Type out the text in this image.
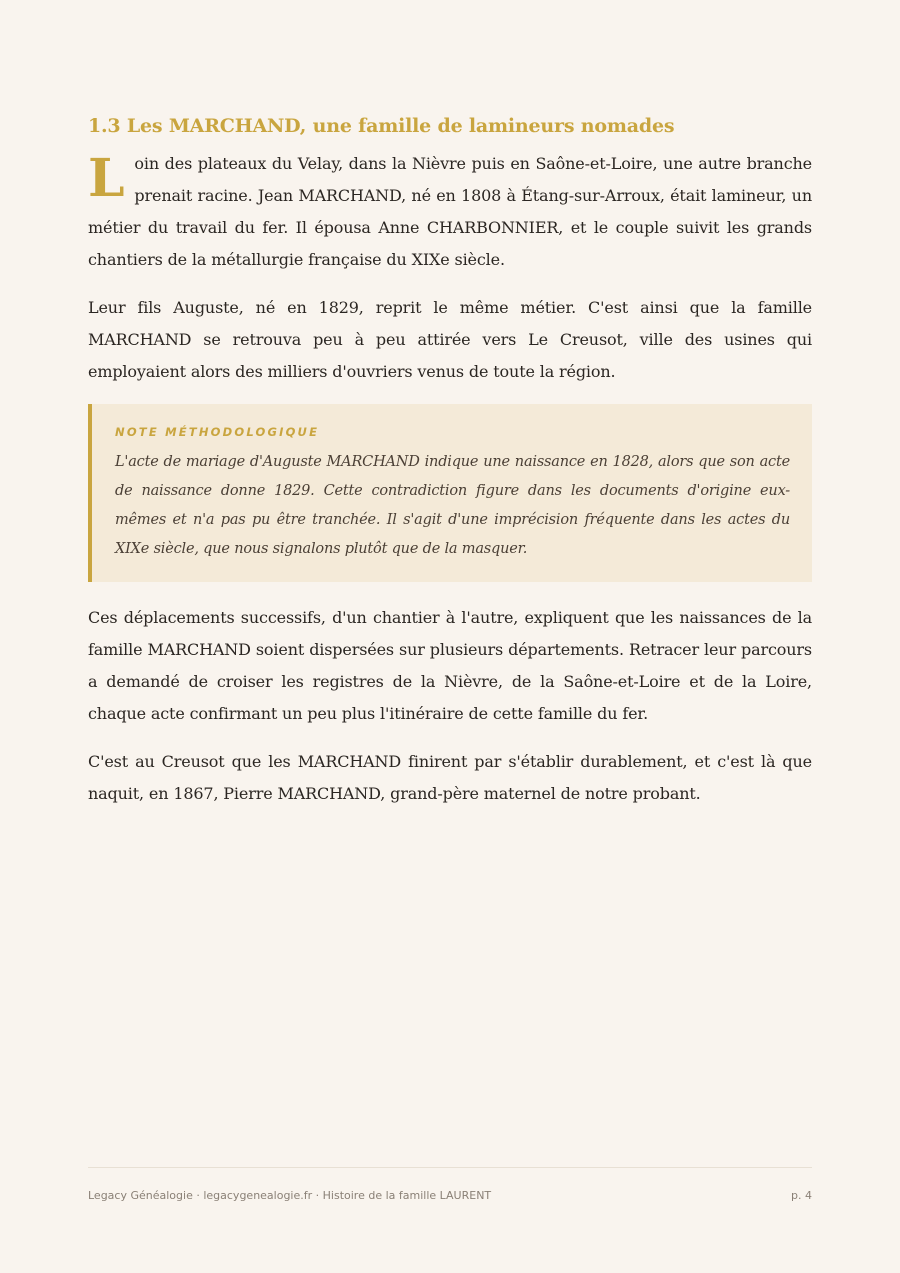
1.3 Les MARCHAND, une famille de lamineurs nomades

Loin des plateaux du Velay, dans la Nièvre puis en Saône-et-Loire, une autre branche prenait racine. Jean MARCHAND, né en 1808 à Étang-sur-Arroux, était lamineur, un métier du travail du fer. Il épousa Anne CHARBONNIER, et le couple suivit les grands chantiers de la métallurgie française du XIXe siècle.

Leur fils Auguste, né en 1829, reprit le même métier. C'est ainsi que la famille MARCHAND se retrouva peu à peu attirée vers Le Creusot, ville des usines qui employaient alors des milliers d'ouvriers venus de toute la région.

NOTE MÉTHODOLOGIQUE

L'acte de mariage d'Auguste MARCHAND indique une naissance en 1828, alors que son acte de naissance donne 1829. Cette contradiction figure dans les documents d'origine eux-mêmes et n'a pas pu être tranchée. Il s'agit d'une imprécision fréquente dans les actes du XIXe siècle, que nous signalons plutôt que de la masquer.

Ces déplacements successifs, d'un chantier à l'autre, expliquent que les naissances de la famille MARCHAND soient dispersées sur plusieurs départements. Retracer leur parcours a demandé de croiser les registres de la Nièvre, de la Saône-et-Loire et de la Loire, chaque acte confirmant un peu plus l'itinéraire de cette famille du fer.

C'est au Creusot que les MARCHAND finirent par s'établir durablement, et c'est là que naquit, en 1867, Pierre MARCHAND, grand-père maternel de notre probant.

Legacy Généalogie · legacygenealogie.fr · Histoire de la famille LAURENT	p. 4
